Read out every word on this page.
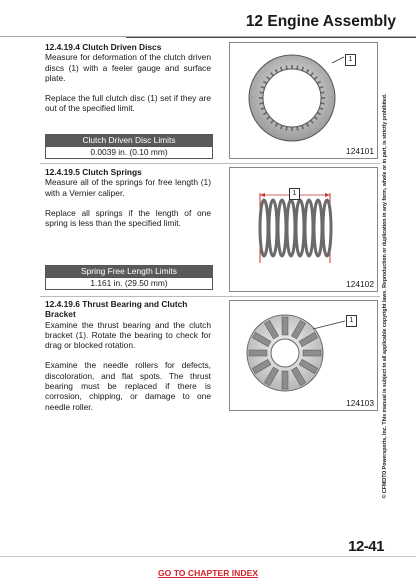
12 Engine Assembly
12.4.19.4 Clutch Driven Discs

Measure for deformation of the clutch driven discs (1) with a feeler gauge and surface plate.

Replace the full clutch disc (1) set if they are out of the specified limit.

Clutch Driven Disc Limits
0.0039 in. (0.10 mm)
1
124101
12.4.19.5 Clutch Springs

Measure all of the springs for free length (1) with a Vernier caliper.

Replace all springs if the length of one spring is less than the specified limit.

Spring Free Length Limits
1.161 in. (29.50 mm)
1
124102
12.4.19.6 Thrust Bearing and Clutch Bracket

Examine the thrust bearing and the clutch bracket (1). Rotate the bearing to check for drag or blocked rotation.

Examine the needle rollers for defects, discoloration, and flat spots. The thrust bearing must be replaced if there is corrosion, chipping, or damage to one needle roller.

1
124103 © CFMOTO Powersports, Inc. This manual is subject to all applicable copyright laws. Reproduction or duplication in any form, whole or in part, is strictly prohibited.
12-41
GO TO CHAPTER INDEX
